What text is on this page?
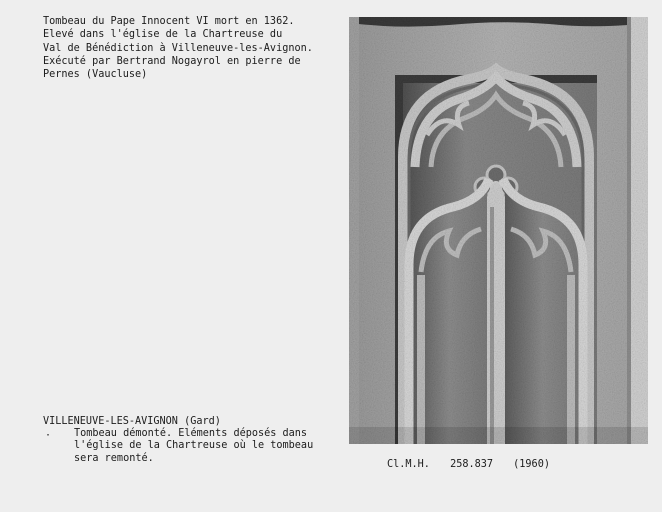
Tombeau du Pape Innocent VI mort en 1362.
Elevé dans l'église de la Chartreuse du
Val de Bénédiction à Villeneuve-les-Avignon.
Exécuté par Bertrand Nogayrol en pierre de
Pernes (Vaucluse)
VILLENEUVE-LES-AVIGNON (Gard)
·	Tombeau démonté. Eléments déposés dans
l'église de la Chartreuse où le tombeau
sera remonté.
Cl.M.H. 258.837 (1960)
